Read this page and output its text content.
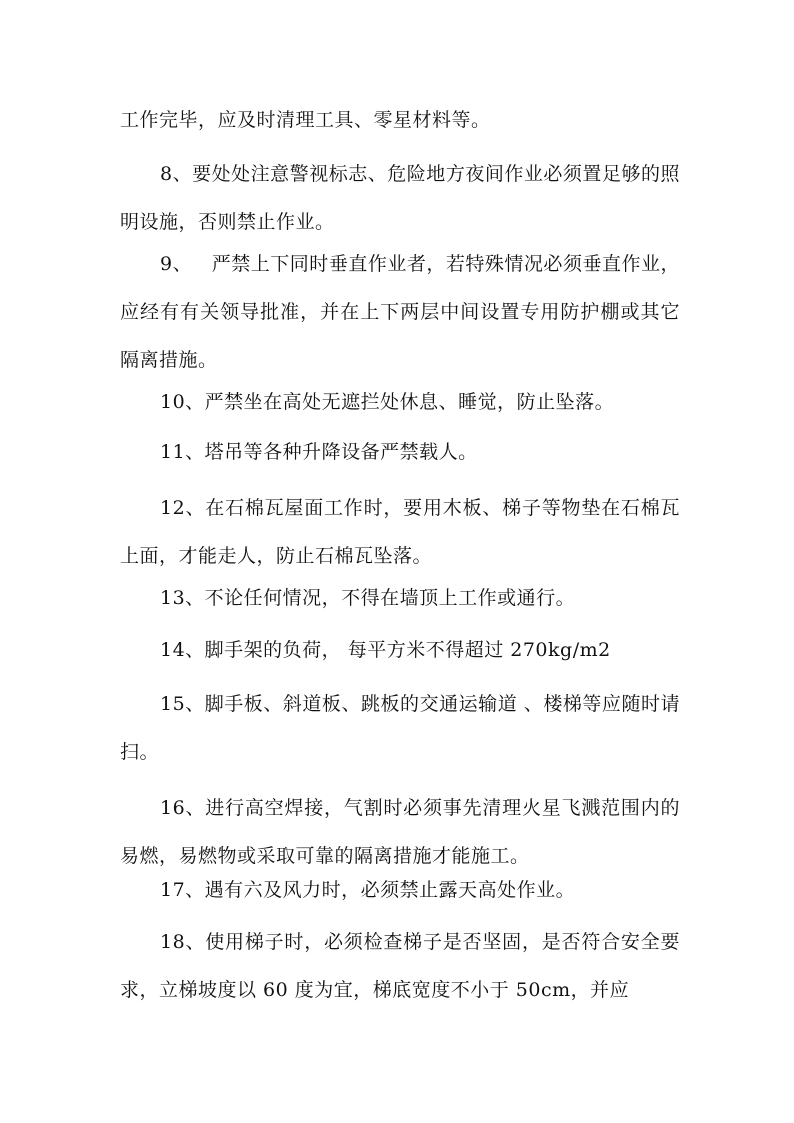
工作完毕，应及时清理工具、零星材料等。

8、要处处注意警视标志、危险地方夜间作业必须置足够的照明设施，否则禁止作业。

9、   严禁上下同时垂直作业者，若特殊情况必须垂直作业，应经有有关领导批准，并在上下两层中间设置专用防护棚或其它隔离措施。

10、严禁坐在高处无遮拦处休息、睡觉，防止坠落。

11、塔吊等各种升降设备严禁载人。

12、在石棉瓦屋面工作时，要用木板、梯子等物垫在石棉瓦上面，才能走人，防止石棉瓦坠落。

13、不论任何情况，不得在墙顶上工作或通行。

14、脚手架的负荷， 每平方米不得超过 270kg/m2

15、脚手板、斜道板、跳板的交通运输道 、楼梯等应随时请扫。

16、进行高空焊接，气割时必须事先清理火星飞溅范围内的易燃，易燃物或采取可靠的隔离措施才能施工。

17、遇有六及风力时，必须禁止露天高处作业。

18、使用梯子时，必须检查梯子是否坚固，是否符合安全要求，立梯坡度以 60 度为宜，梯底宽度不小于 50cm，并应
